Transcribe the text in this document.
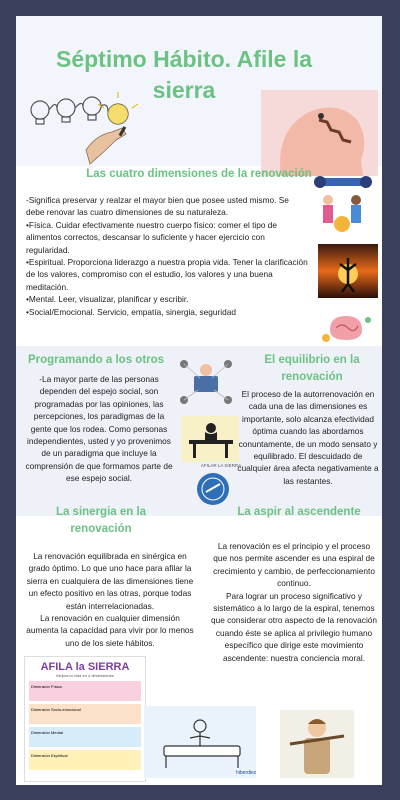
Séptimo Hábito. Afile la sierra
Las cuatro dimensiones de la renovación

-Significa preservar y realzar el mayor bien que posee usted mismo. Se debe renovar las cuatro dimensiones de su naturaleza.

•Física. Cuidar efectivamente nuestro cuerpo físico: comer el tipo de alimentos correctos, descansar lo suficiente y hacer ejercicio con regularidad.

•Espiritual. Proporciona liderazgo a nuestra propia vida. Tener la clarificación de los valores, compromiso con el estudio, los valores y una buena meditación.

•Mental. Leer, visualizar, planificar y escribir.

•Social/Emocional. Servicio, empatía, sinergia, seguridad

Programando a los otros
-La mayor parte de las personas dependen del espejo social, son programadas por las opiniones, las percepciones, los paradigmas de la gente que los rodea. Como personas independientes, usted y yo provenimos de un paradigma que incluye la comprensión de que formamos parte de ese espejo social.
AFILAR LA SIERRA
El equilibrio en la renovación
El proceso de la autorrenovación en cada una de las dimensiones es importante, solo alcanza efectividad óptima cuando las abordamos conuntamente, de un modo sensato y equilibrado. El descuidado de cualquier área afecta negativamente a las restantes.
La sinergia en la renovación

La renovación equilibrada en sinérgica en grado óptimo. Lo que uno hace para afilar la sierra en cualquiera de las dimensiones tiene un efecto positivo en las otras, porque todas están interrelacionadas.

La renovación en cualquier dimensión aumenta la capacidad para vivir por lo menos uno de los siete hábitos.

La aspir al ascendente

La renovación es el principio y el proceso que nos permite ascender es una espiral de crecimiento y cambio, de perfeccionamiento continuo.

Para lograr un proceso significativo y sistemático a lo largo de la espiral, tenemos que considerar otro aspecto de la renovación cuando éste se aplica al privilegio humano específico que dirige este movimiento ascendente: nuestra conciencia moral.

AFILA la SIERRA
Mejora tu vida en 4 dimensiones
Dimensión Física
Dimensión Socio-emocional
Dimensión Mental
Dimensión Espiritual
hiberdiez
